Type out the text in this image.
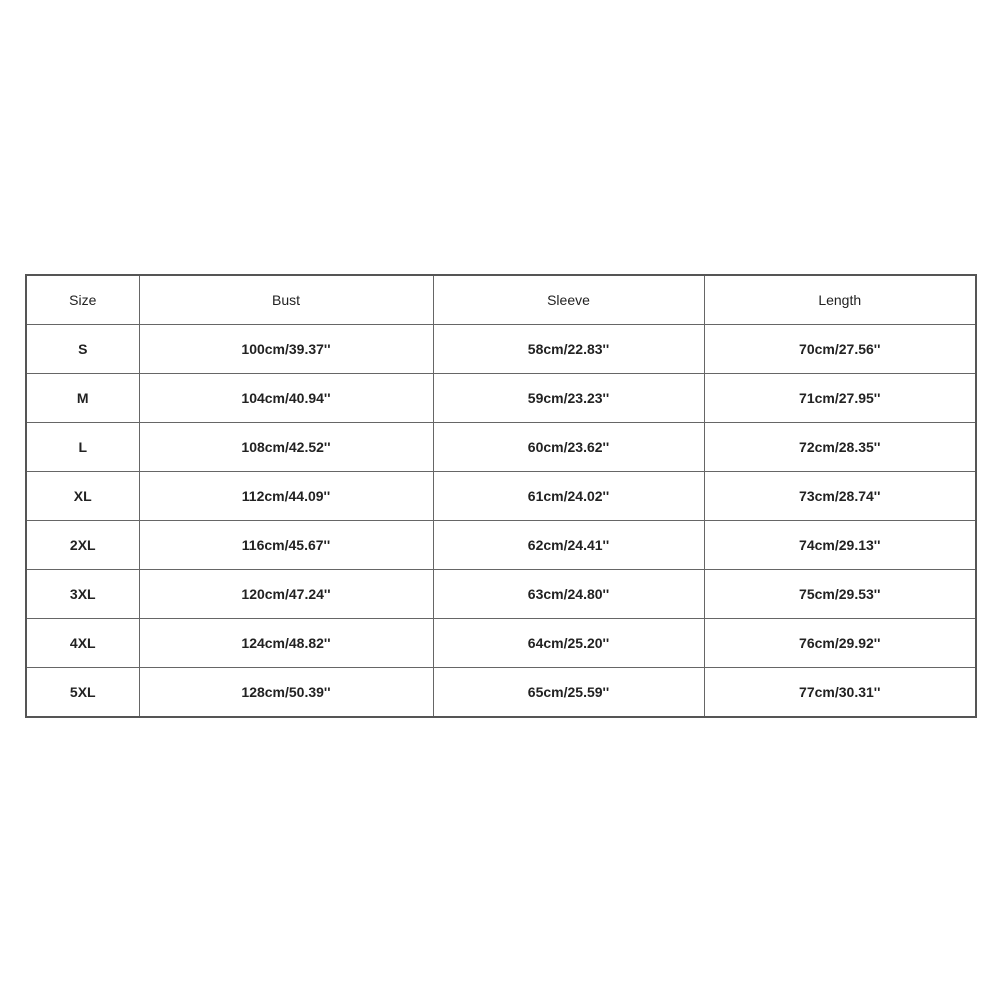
Size	Bust	Sleeve	Length
S	100cm/39.37''	58cm/22.83''	70cm/27.56''
M	104cm/40.94''	59cm/23.23''	71cm/27.95''
L	108cm/42.52''	60cm/23.62''	72cm/28.35''
XL	112cm/44.09''	61cm/24.02''	73cm/28.74''
2XL	116cm/45.67''	62cm/24.41''	74cm/29.13''
3XL	120cm/47.24''	63cm/24.80''	75cm/29.53''
4XL	124cm/48.82''	64cm/25.20''	76cm/29.92''
5XL	128cm/50.39''	65cm/25.59''	77cm/30.31''
